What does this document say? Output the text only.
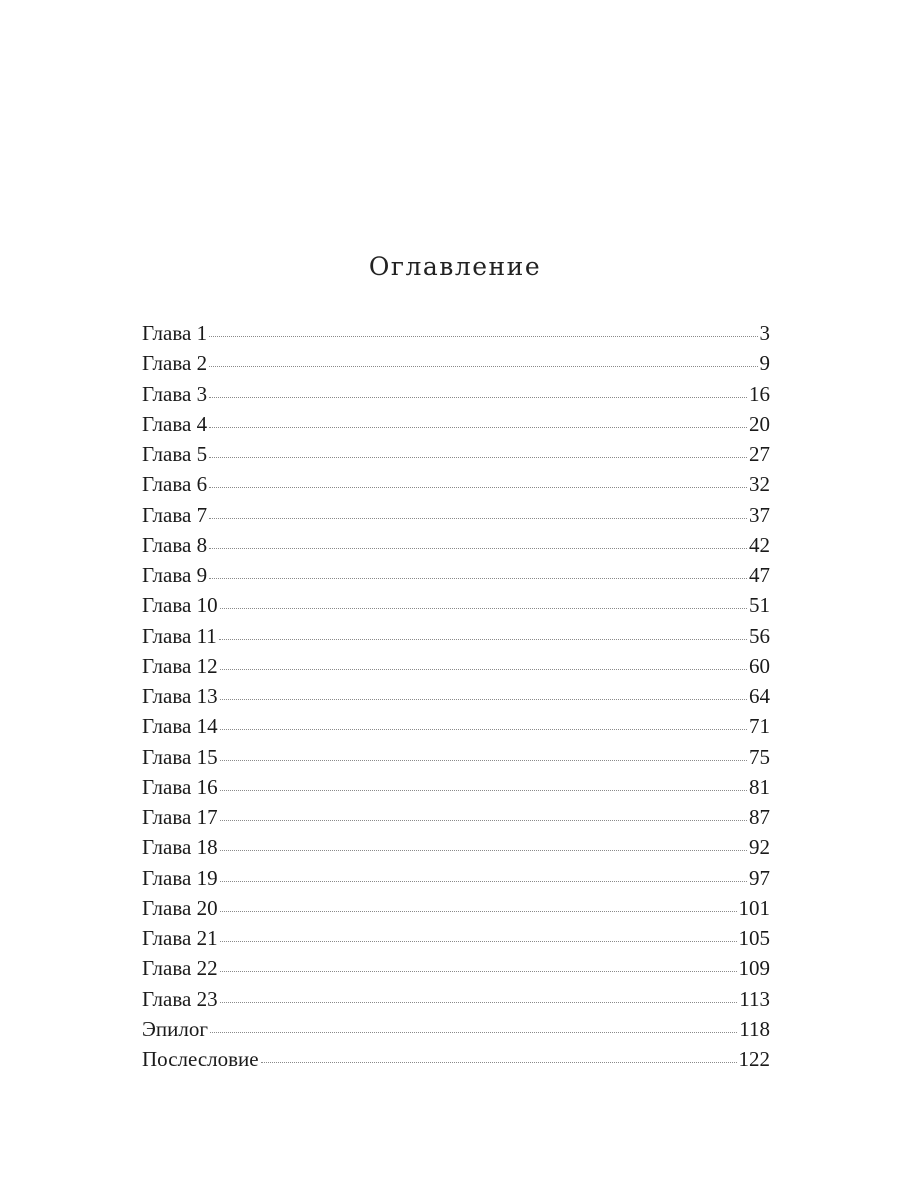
Оглавление
Глава 1	3
Глава 2	9
Глава 3	16
Глава 4	20
Глава 5	27
Глава 6	32
Глава 7	37
Глава 8	42
Глава 9	47
Глава 10	51
Глава 11	56
Глава 12	60
Глава 13	64
Глава 14	71
Глава 15	75
Глава 16	81
Глава 17	87
Глава 18	92
Глава 19	97
Глава 20	101
Глава 21	105
Глава 22	109
Глава 23	113
Эпилог	118
Послесловие	122
